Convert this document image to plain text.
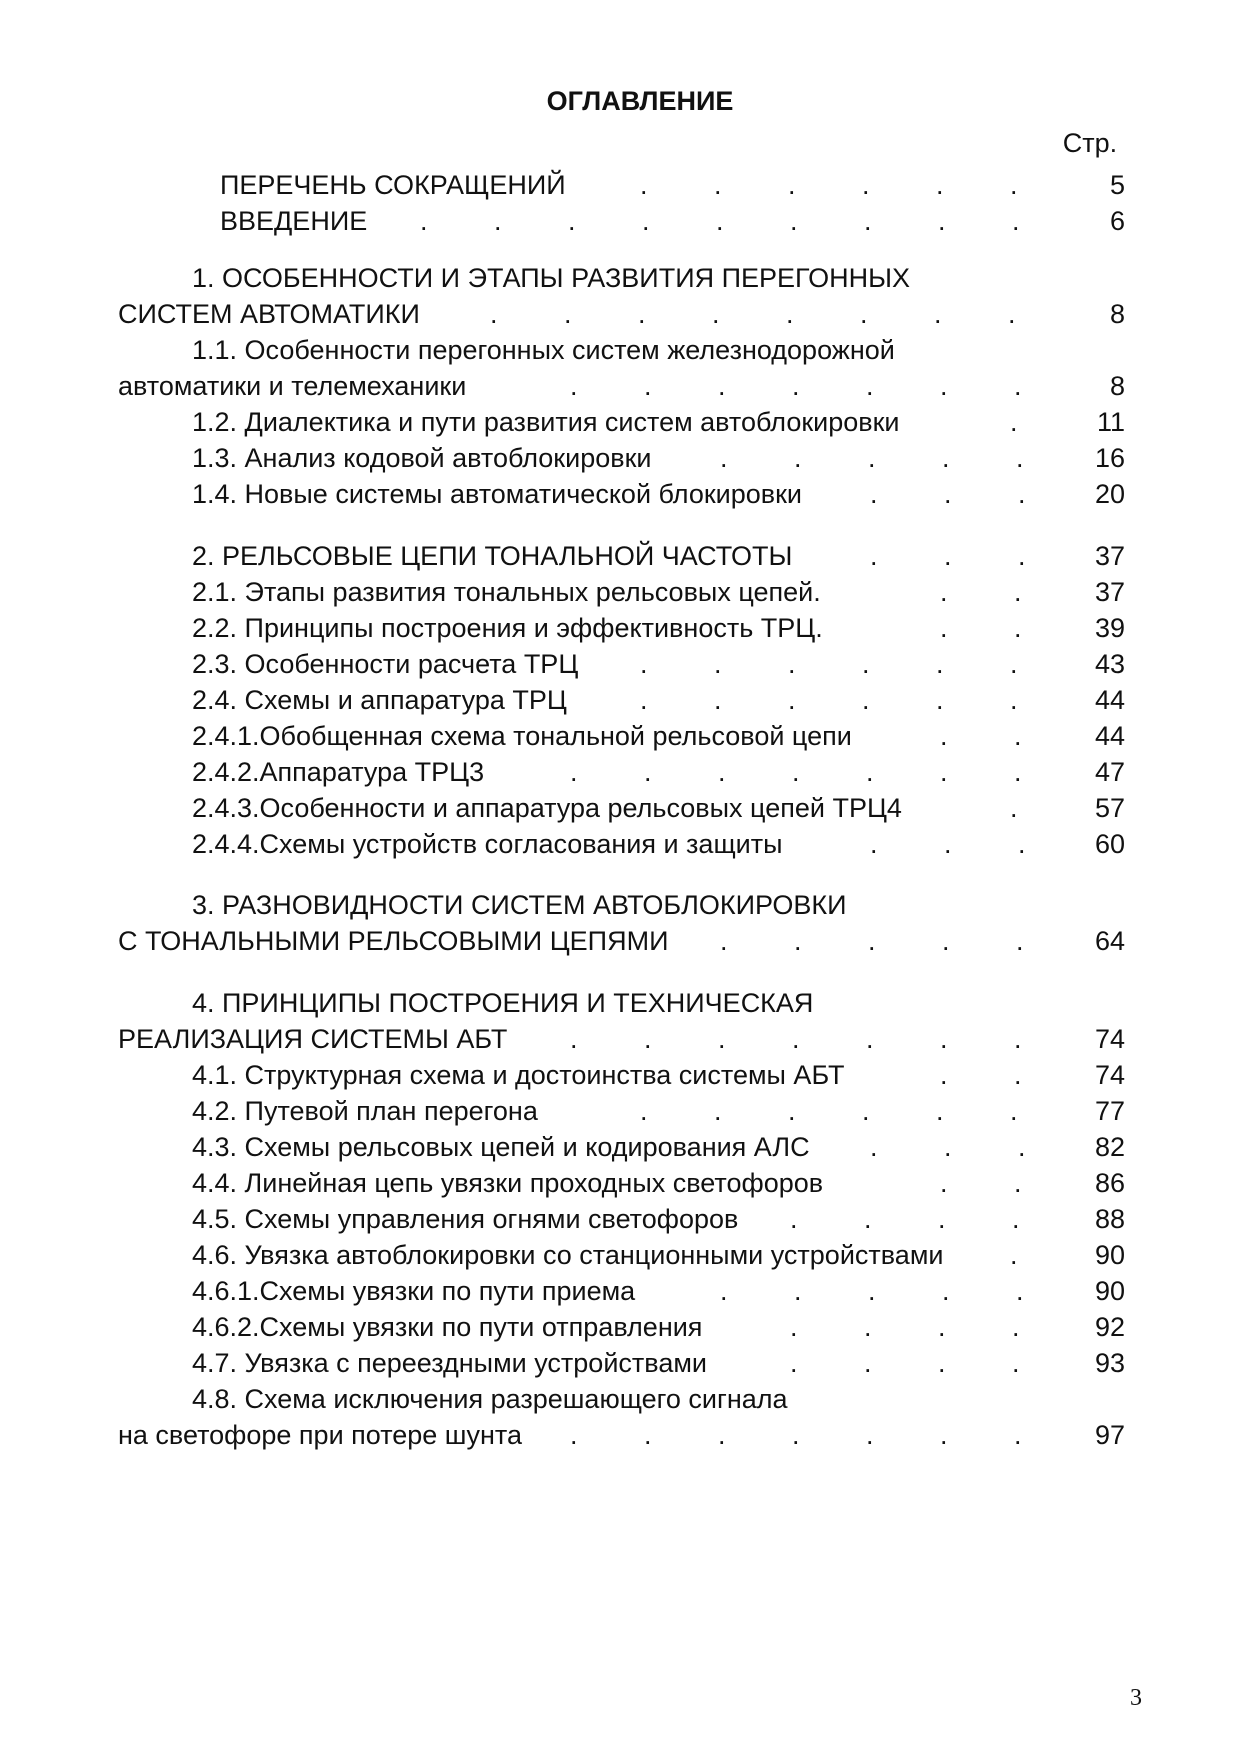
ОГЛАВЛЕНИЕ
Стр.
ПЕРЕЧЕНЬ СОКРАЩЕНИЙ	. . . . . .	5
ВВЕДЕНИЕ . . . . . . . . .	6
1. ОСОБЕННОСТИ И ЭТАПЫ РАЗВИТИЯ ПЕРЕГОННЫХ
СИСТЕМ АВТОМАТИКИ	. . . . . . . .	8
1.1. Особенности перегонных систем железнодорожной
автоматики и телемеханики	. . . . . . .	8
1.2. Диалектика и пути развития систем автоблокировки	.	11
1.3. Анализ кодовой автоблокировки	. . . . .	16
1.4. Новые системы автоматической блокировки	. . .	20
2. РЕЛЬСОВЫЕ ЦЕПИ ТОНАЛЬНОЙ ЧАСТОТЫ	. . .	37
2.1. Этапы развития тональных рельсовых цепей.	. .	37
2.2. Принципы построения и эффективность ТРЦ.	. .	39
2.3. Особенности расчета ТРЦ . . . . . .	43
2.4. Схемы и аппаратура ТРЦ	. . . . . .	44
2.4.1.Обобщенная схема тональной рельсовой цепи	. .	44
2.4.2.Аппаратура ТРЦ3	. . . . . . .	47
2.4.3.Особенности и аппаратура рельсовых цепей ТРЦ4	.	57
2.4.4.Схемы устройств согласования и защиты	. . .	60
3. РАЗНОВИДНОСТИ СИСТЕМ АВТОБЛОКИРОВКИ
С ТОНАЛЬНЫМИ РЕЛЬСОВЫМИ ЦЕПЯМИ . . . . .	64
4. ПРИНЦИПЫ ПОСТРОЕНИЯ И ТЕХНИЧЕСКАЯ
РЕАЛИЗАЦИЯ СИСТЕМЫ АБТ . . . . . . .	74
4.1. Структурная схема и достоинства системы АБТ	. .	74
4.2. Путевой план перегона	. . . . . .	77
4.3. Схемы рельсовых цепей и кодирования АЛС . . .	82
4.4. Линейная цепь увязки проходных светофоров	. .	86
4.5. Схемы управления огнями светофоров . . . .	88
4.6. Увязка автоблокировки со станционными устройствами .	90
4.6.1.Схемы увязки по пути приема	. . . . .	90
4.6.2.Схемы увязки по пути отправления	. . . .	92
4.7. Увязка с переездными устройствами	. . . .	93
4.8. Схема исключения разрешающего сигнала
на светофоре при потере шунта . . . . . . .	97
3
